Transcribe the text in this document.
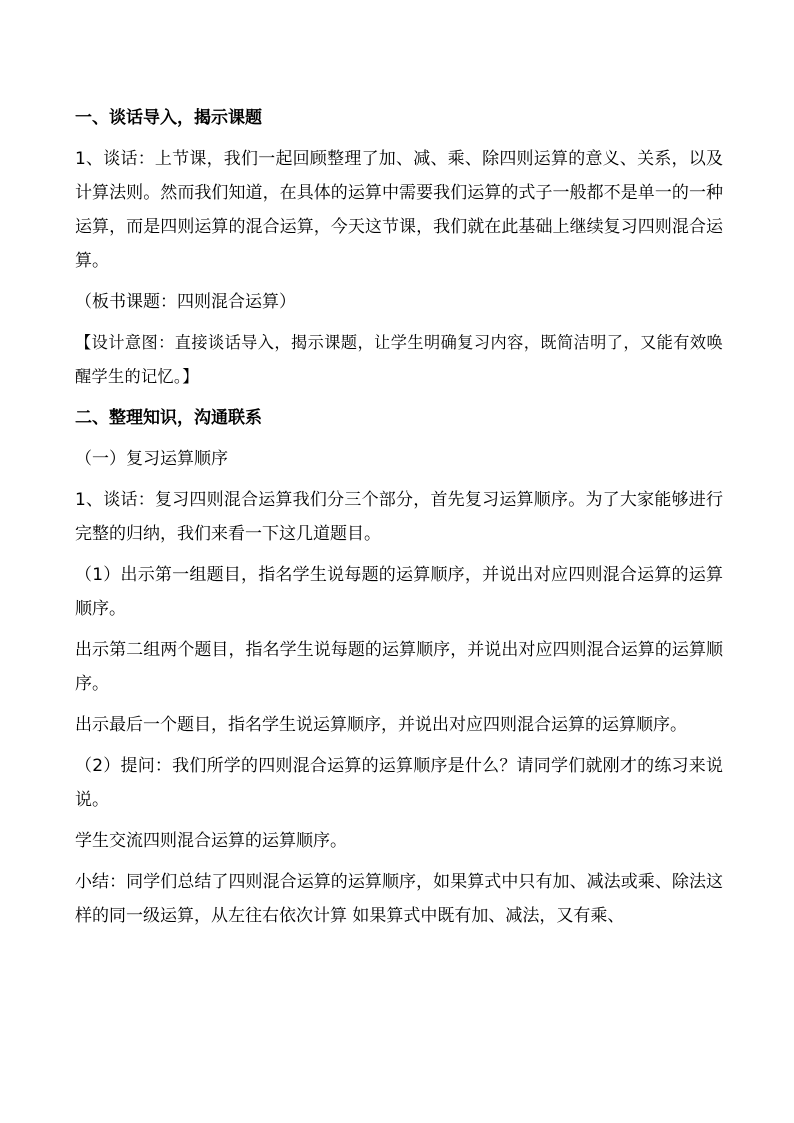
一、谈话导入，揭示课题

1、谈话：上节课，我们一起回顾整理了加、减、乘、除四则运算的意义、关系，以及计算法则。然而我们知道，在具体的运算中需要我们运算的式子一般都不是单一的一种运算，而是四则运算的混合运算，今天这节课，我们就在此基础上继续复习四则混合运算。

（板书课题：四则混合运算）

【设计意图：直接谈话导入，揭示课题，让学生明确复习内容，既简洁明了，又能有效唤醒学生的记忆。】

二、整理知识，沟通联系

（一）复习运算顺序

1、谈话：复习四则混合运算我们分三个部分，首先复习运算顺序。为了大家能够进行完整的归纳，我们来看一下这几道题目。

（1）出示第一组题目，指名学生说每题的运算顺序，并说出对应四则混合运算的运算顺序。

出示第二组两个题目，指名学生说每题的运算顺序，并说出对应四则混合运算的运算顺序。

出示最后一个题目，指名学生说运算顺序，并说出对应四则混合运算的运算顺序。

（2）提问：我们所学的四则混合运算的运算顺序是什么？请同学们就刚才的练习来说说。

学生交流四则混合运算的运算顺序。

小结：同学们总结了四则混合运算的运算顺序，如果算式中只有加、减法或乘、除法这样的同一级运算，从左往右依次计算 如果算式中既有加、减法，又有乘、
